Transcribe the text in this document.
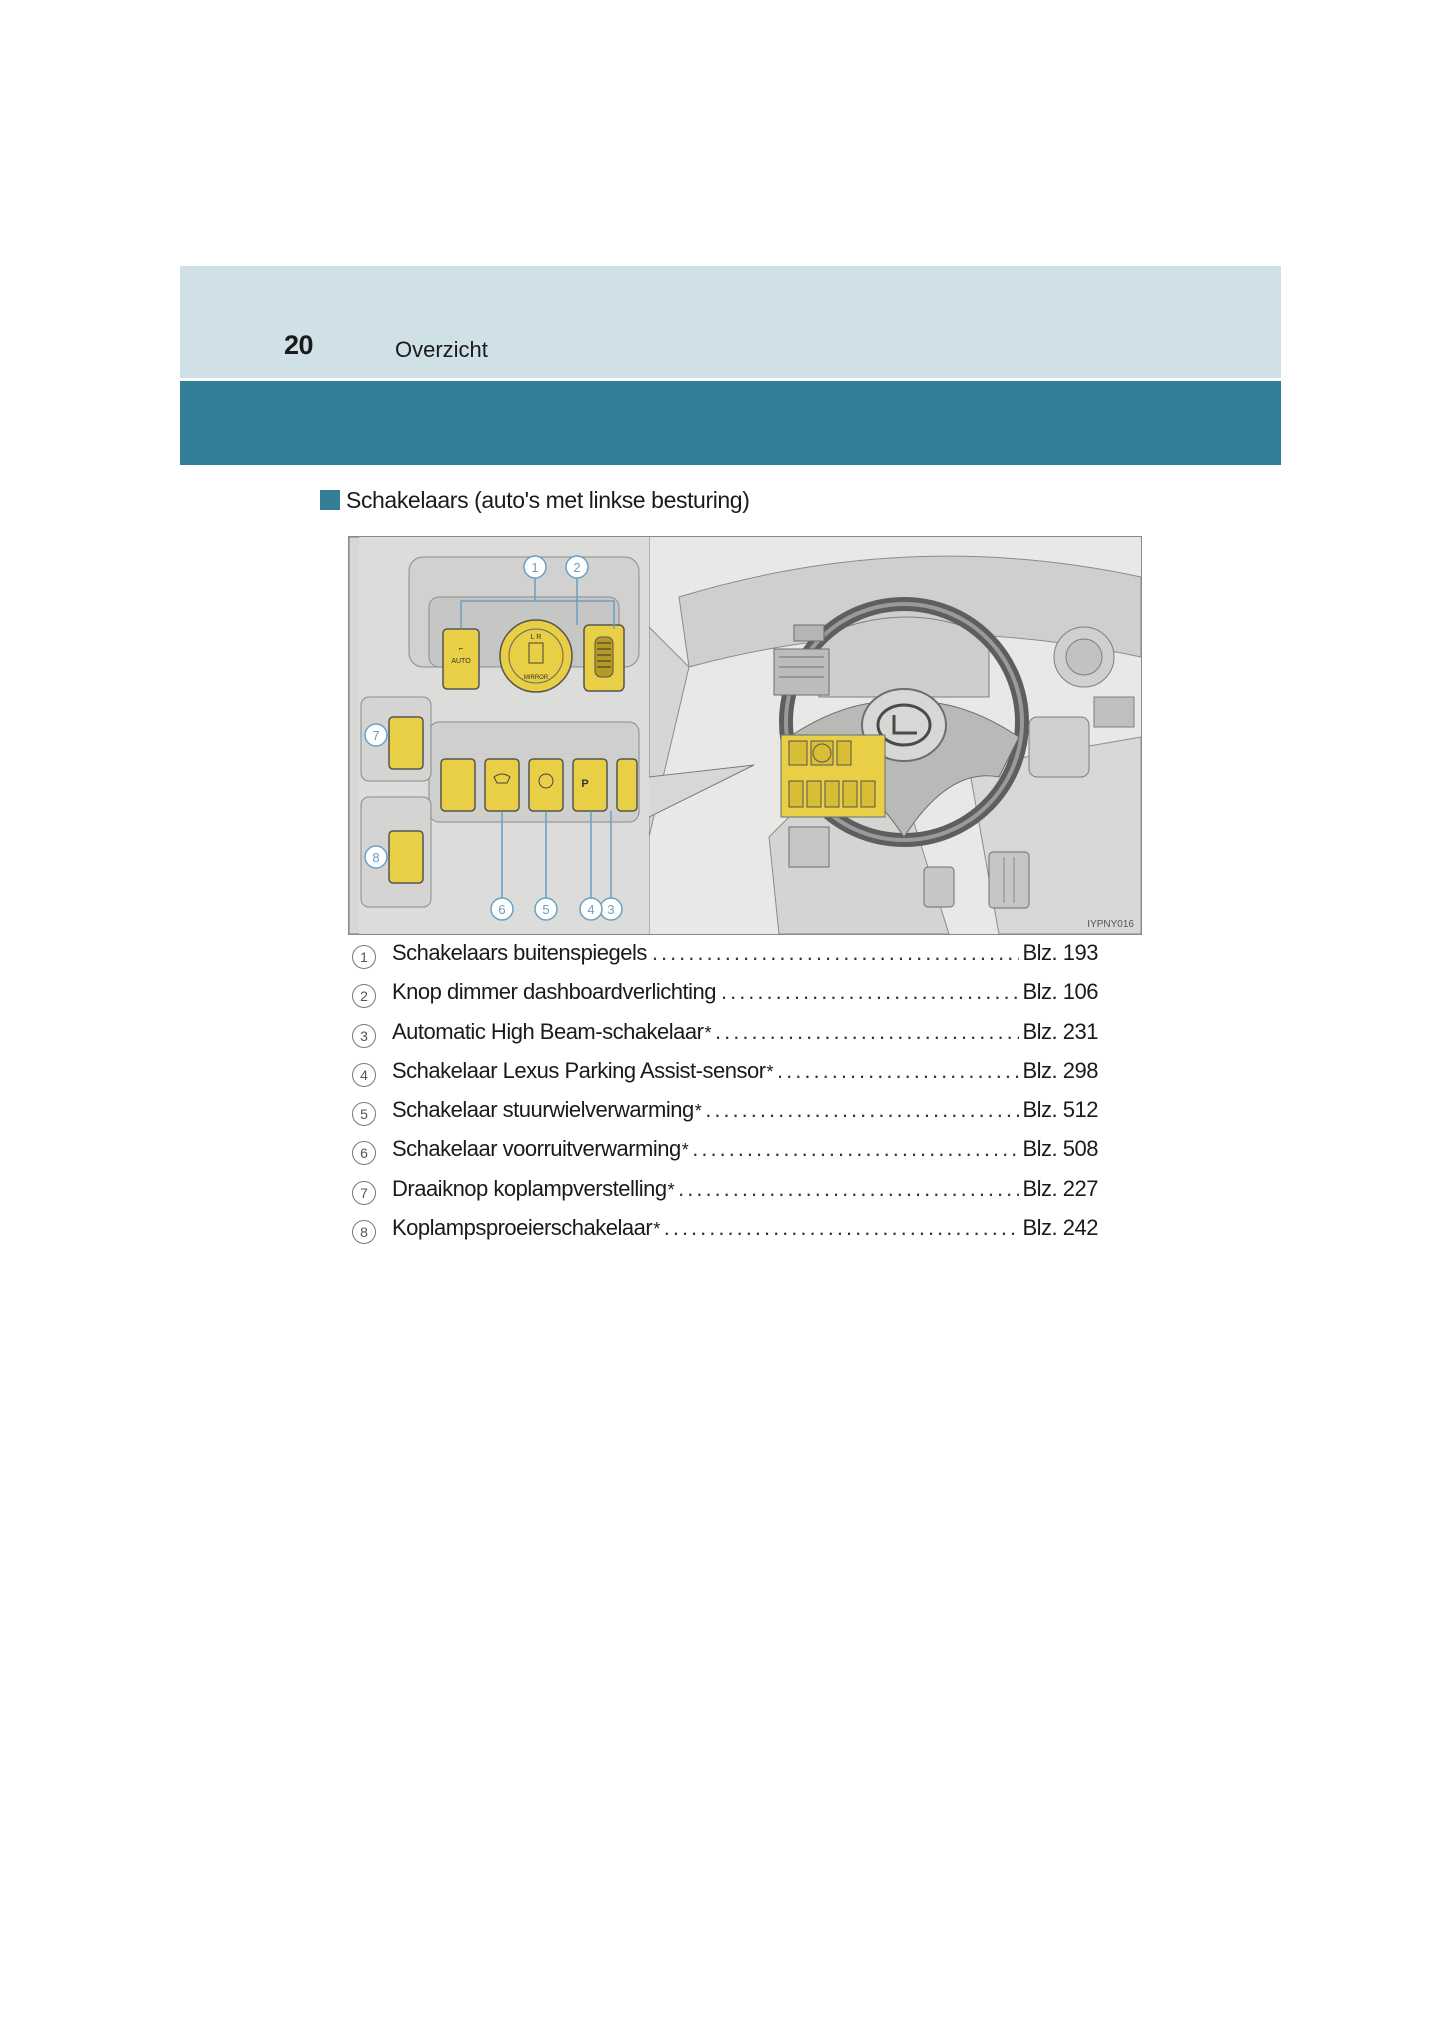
20	Overzicht
Schakelaars (auto's met linkse besturing)
⌐
AUTO
L R
MIRROR
P
1	2
3
4
5
6
7
8
IYPNY016
1	Schakelaars buitenspiegels .....	Blz. 193
2	Knop dimmer dashboardverlichting .....	Blz. 106
3	Automatic High Beam-schakelaar * .....	Blz. 231
4	Schakelaar Lexus Parking Assist-sensor * .....	Blz. 298
5	Schakelaar stuurwielverwarming * .....	Blz. 512
6	Schakelaar voorruitverwarming * .....	Blz. 508
7	Draaiknop koplampverstelling * .....	Blz. 227
8	Koplampsproeierschakelaar * .....	Blz. 242
